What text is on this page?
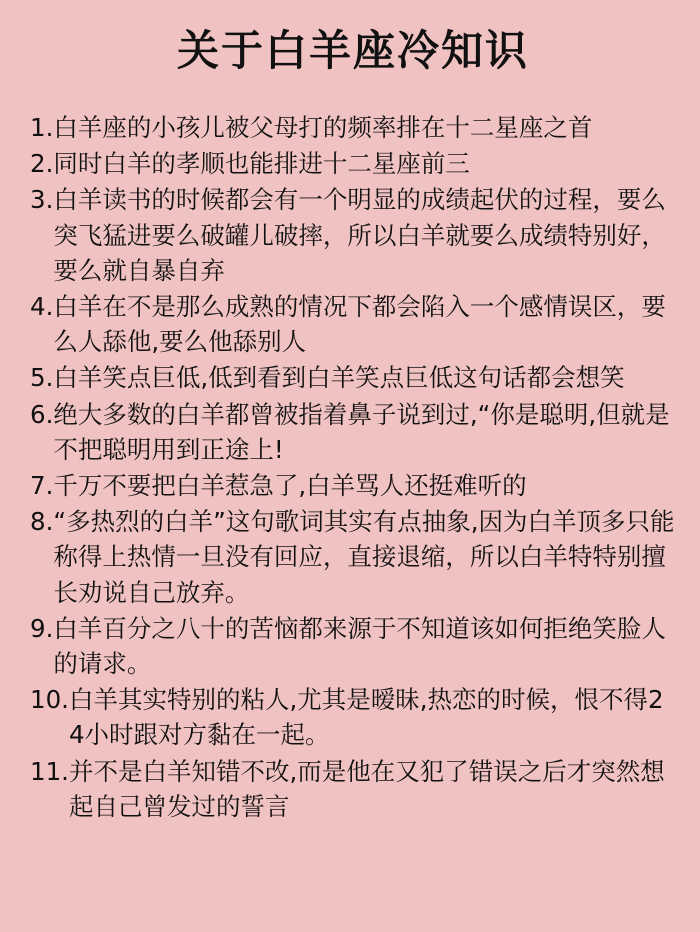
关于白羊座冷知识
1. 白羊座的小孩儿被父母打的频率排在十二星座之首
2. 同时白羊的孝顺也能排进十二星座前三
3. 白羊读书的时候都会有一个明显的成绩起伏的过程，要么突飞猛进要么破罐儿破摔，所以白羊就要么成绩特别好，要么就自暴自弃
4. 白羊在不是那么成熟的情况下都会陷入一个感情误区，要么人舔他,要么他舔别人
5. 白羊笑点巨低,低到看到白羊笑点巨低这句话都会想笑
6. 绝大多数的白羊都曾被指着鼻子说到过,“你是聪明,但就是不把聪明用到正途上!
7. 千万不要把白羊惹急了,白羊骂人还挺难听的
8. “多热烈的白羊”这句歌词其实有点抽象,因为白羊顶多只能称得上热情一旦没有回应，直接退缩，所以白羊特特别擅长劝说自己放弃。
9. 白羊百分之八十的苦恼都来源于不知道该如何拒绝笑脸人的请求。
10. 白羊其实特别的粘人,尤其是暧昧,热恋的时候，恨不得24小时跟对方黏在一起。
11. 并不是白羊知错不改,而是他在又犯了错误之后才突然想起自己曾发过的誓言
